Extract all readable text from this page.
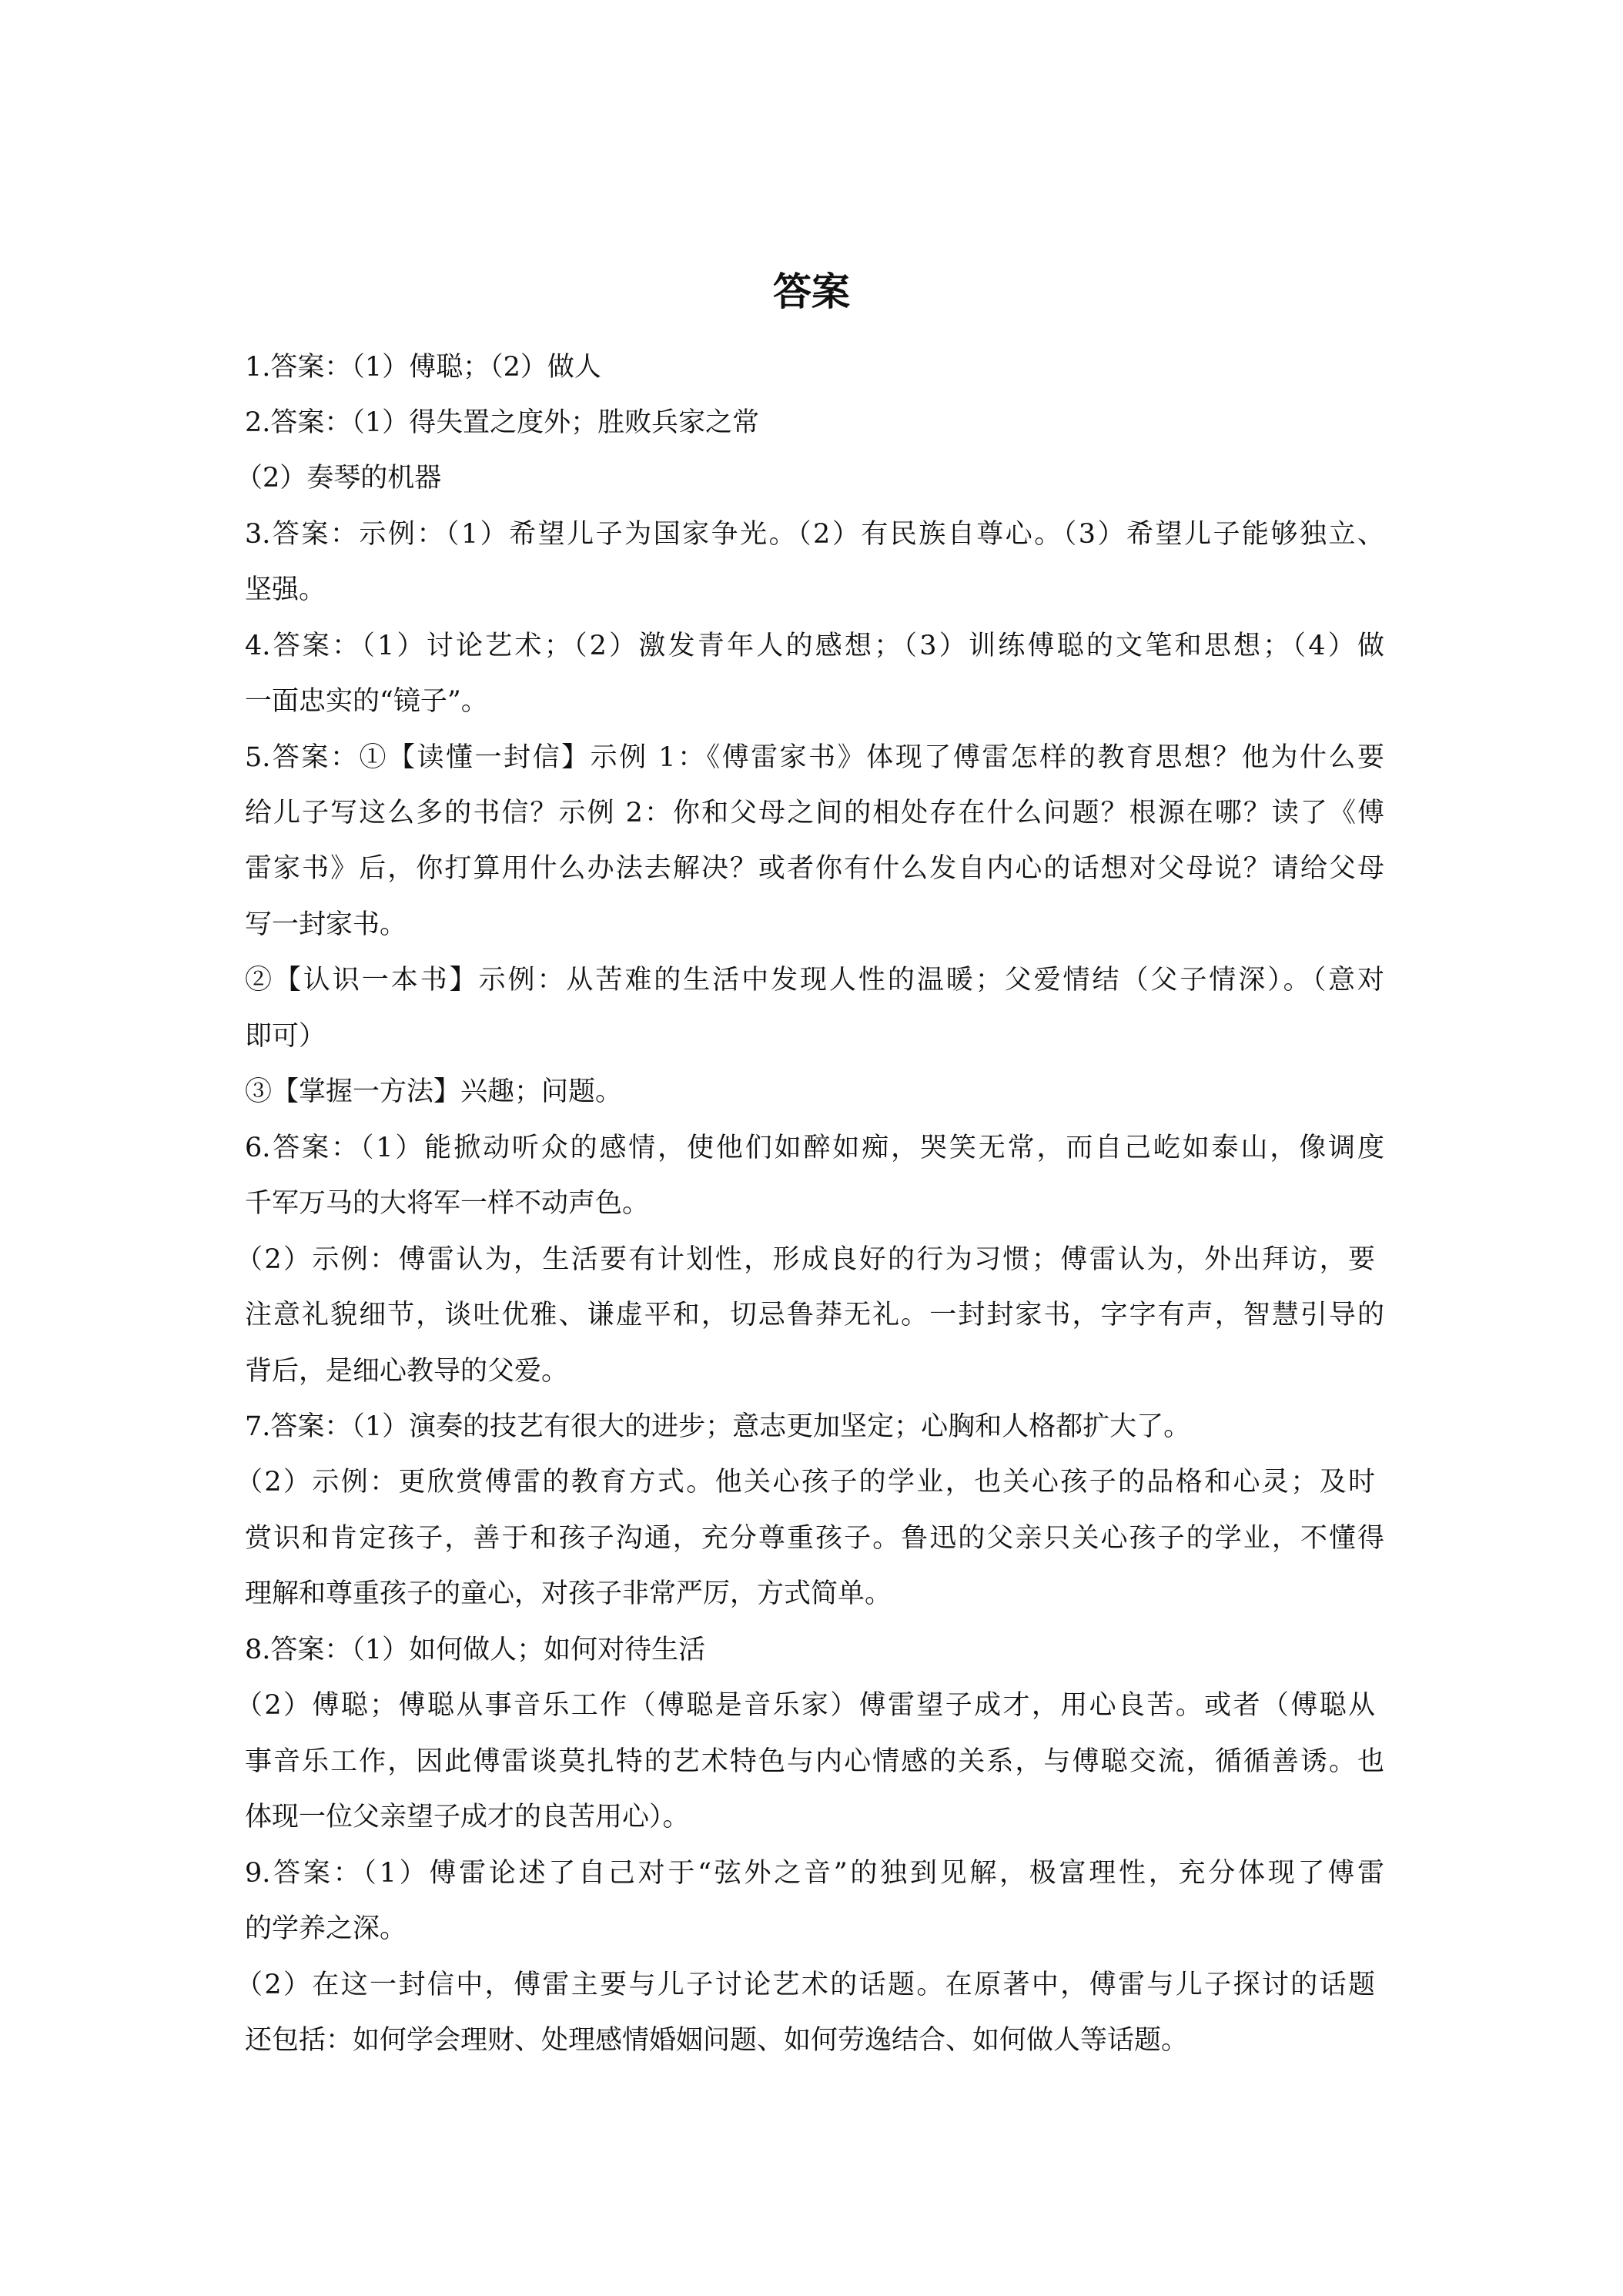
答案

1.答案：（1）傅聪；（2）做人

2.答案：（1）得失置之度外；胜败兵家之常

（2）奏琴的机器

3.答案：示例：（1）希望儿子为国家争光。（2）有民族自尊心。（3）希望儿子能够独立、

坚强。

4.答案：（1）讨论艺术；（2）激发青年人的感想；（3）训练傅聪的文笔和思想；（4）做

一面忠实的“镜子”。

5.答案：①【读懂一封信】示例 1：《傅雷家书》体现了傅雷怎样的教育思想？他为什么要

给儿子写这么多的书信？示例 2：你和父母之间的相处存在什么问题？根源在哪？读了《傅

雷家书》后，你打算用什么办法去解决？或者你有什么发自内心的话想对父母说？请给父母

写一封家书。

②【认识一本书】示例：从苦难的生活中发现人性的温暖；父爱情结（父子情深）。（意对

即可）

③【掌握一方法】兴趣；问题。

6.答案：（1）能掀动听众的感情，使他们如醉如痴，哭笑无常，而自己屹如泰山，像调度

千军万马的大将军一样不动声色。

（2）示例：傅雷认为，生活要有计划性，形成良好的行为习惯；傅雷认为，外出拜访，要

注意礼貌细节，谈吐优雅、谦虚平和，切忌鲁莽无礼。一封封家书，字字有声，智慧引导的

背后，是细心教导的父爱。

7.答案：（1）演奏的技艺有很大的进步；意志更加坚定；心胸和人格都扩大了。

（2）示例：更欣赏傅雷的教育方式。他关心孩子的学业，也关心孩子的品格和心灵；及时

赏识和肯定孩子，善于和孩子沟通，充分尊重孩子。鲁迅的父亲只关心孩子的学业，不懂得

理解和尊重孩子的童心，对孩子非常严厉，方式简单。

8.答案：（1）如何做人；如何对待生活

（2）傅聪；傅聪从事音乐工作（傅聪是音乐家）傅雷望子成才，用心良苦。或者（傅聪从

事音乐工作，因此傅雷谈莫扎特的艺术特色与内心情感的关系，与傅聪交流，循循善诱。也

体现一位父亲望子成才的良苦用心）。

9.答案：（1）傅雷论述了自己对于“弦外之音”的独到见解，极富理性，充分体现了傅雷

的学养之深。

（2）在这一封信中，傅雷主要与儿子讨论艺术的话题。在原著中，傅雷与儿子探讨的话题

还包括：如何学会理财、处理感情婚姻问题、如何劳逸结合、如何做人等话题。
